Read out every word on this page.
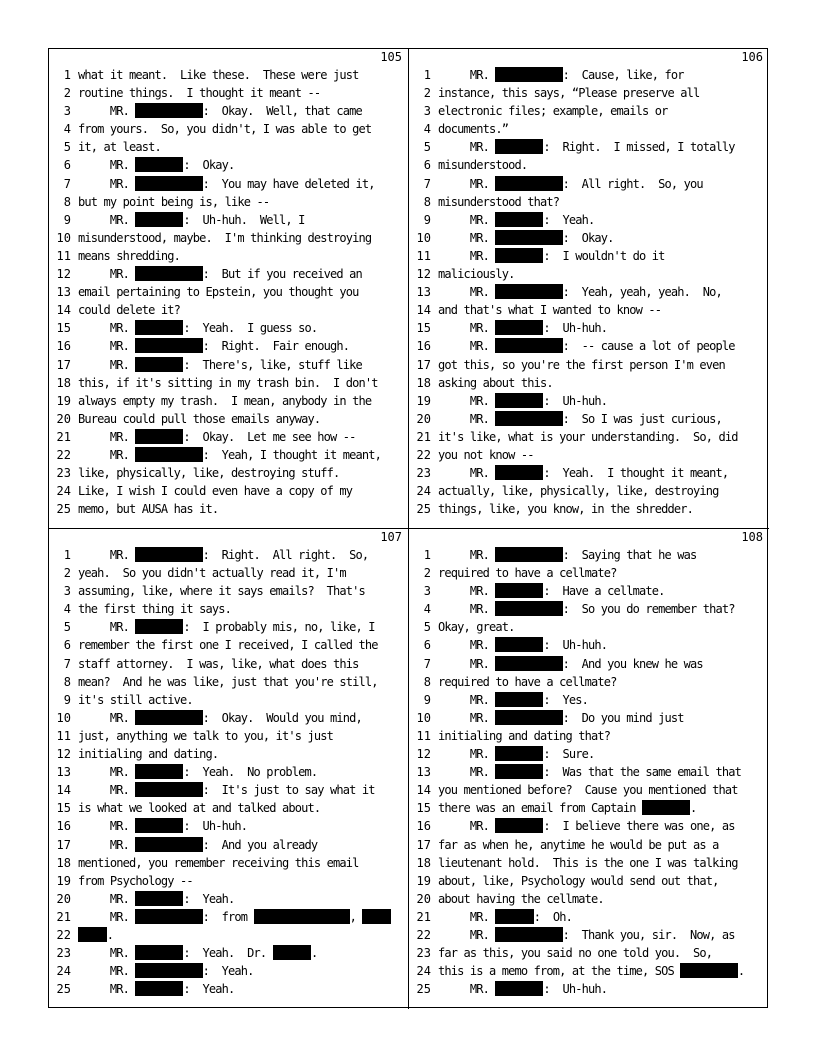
105
1 what it meant.  Like these.  These were just
2 routine things.  I thought it meant --
3 MR.	:  Okay.  Well, that came
4 from yours.  So, you didn't, I was able to get
5 it, at least.
6 MR.	:  Okay.
7 MR.	:  You may have deleted it,
8 but my point being is, like --
9 MR.	:  Uh-huh.  Well, I
10 misunderstood, maybe.  I'm thinking destroying
11 means shredding.
12 MR.	:  But if you received an
13 email pertaining to Epstein, you thought you
14 could delete it?
15 MR.	:  Yeah.  I guess so.
16 MR.	:  Right.  Fair enough.
17 MR.	:  There's, like, stuff like
18 this, if it's sitting in my trash bin.  I don't
19 always empty my trash.  I mean, anybody in the
20 Bureau could pull those emails anyway.
21 MR.	:  Okay.  Let me see how --
22 MR.	:  Yeah, I thought it meant,
23 like, physically, like, destroying stuff.
24 Like, I wish I could even have a copy of my
25 memo, but AUSA has it.
106
1 MR.	:  Cause, like, for
2 instance, this says, “Please preserve all
3 electronic files; example, emails or
4 documents.”
5 MR.	:  Right.  I missed, I totally
6 misunderstood.
7 MR.	:  All right.  So, you
8 misunderstood that?
9 MR.	:  Yeah.
10 MR.	:  Okay.
11 MR.	:  I wouldn't do it
12 maliciously.
13 MR.	:  Yeah, yeah, yeah.  No,
14 and that's what I wanted to know --
15 MR.	:  Uh-huh.
16 MR.	:  -- cause a lot of people
17 got this, so you're the first person I'm even
18 asking about this.
19 MR.	:  Uh-huh.
20 MR.	:  So I was just curious,
21 it's like, what is your understanding.  So, did
22 you not know --
23 MR.	:  Yeah.  I thought it meant,
24 actually, like, physically, like, destroying
25 things, like, you know, in the shredder.
107
1 MR.	:  Right.  All right.  So,
2 yeah.  So you didn't actually read it, I'm
3 assuming, like, where it says emails?  That's
4 the first thing it says.
5 MR.	:  I probably mis, no, like, I
6 remember the first one I received, I called the
7 staff attorney.  I was, like, what does this
8 mean?  And he was like, just that you're still,
9 it's still active.
10 MR.	:  Okay.  Would you mind,
11 just, anything we talk to you, it's just
12 initialing and dating.
13 MR.	:  Yeah.  No problem.
14 MR.	:  It's just to say what it
15 is what we looked at and talked about.
16 MR.	:  Uh-huh.
17 MR.	:  And you already
18 mentioned, you remember receiving this email
19 from Psychology --
20 MR.	:  Yeah.
21 MR.	:  from	,
22	.
23 MR.	:  Yeah.  Dr.	.
24 MR.	:  Yeah.
25 MR.	:  Yeah.
108
1 MR.	:  Saying that he was
2 required to have a cellmate?
3 MR.	:  Have a cellmate.
4 MR.	:  So you do remember that?
5 Okay, great.
6 MR.	:  Uh-huh.
7 MR.	:  And you knew he was
8 required to have a cellmate?
9 MR.	:  Yes.
10 MR.	:  Do you mind just
11 initialing and dating that?
12 MR.	:  Sure.
13 MR.	:  Was that the same email that
14 you mentioned before?  Cause you mentioned that
15 there was an email from Captain	.
16 MR.	:  I believe there was one, as
17 far as when he, anytime he would be put as a
18 lieutenant hold.  This is the one I was talking
19 about, like, Psychology would send out that,
20 about having the cellmate.
21 MR.	:  Oh.
22 MR.	:  Thank you, sir.  Now, as
23 far as this, you said no one told you.  So,
24 this is a memo from, at the time, SOS	.
25 MR.	:  Uh-huh.
